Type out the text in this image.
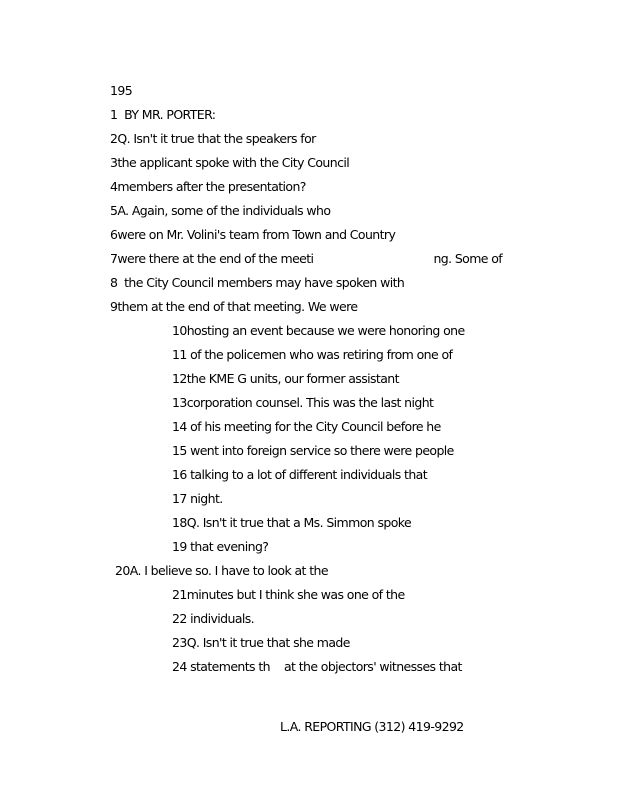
195
1 BY MR. PORTER:
2Q. Isn't it true that the speakers for
3the applicant spoke with the City Council
4members after the presentation?
5A. Again, some of the individuals who
6were on Mr. Volini's team from Town and Country
7were there at the end of the meeti	ng. Some of
8 the City Council members may have spoken with
9them at the end of that meeting. We were
10hosting an event because we were honoring one
11 of the policemen who was retiring from one of
12the KME G units, our former assistant
13corporation counsel. This was the last night
14 of his meeting for the City Council before he
15 went into foreign service so there were people
16 talking to a lot of different individuals that
17 night.
18Q. Isn't it true that a Ms. Simmon spoke
19 that evening?
20A. I believe so. I have to look at the
21minutes but I think she was one of the
22 individuals.
23Q. Isn't it true that she made
24 statements th at the objectors' witnesses that
L.A. REPORTING (312) 419-9292
